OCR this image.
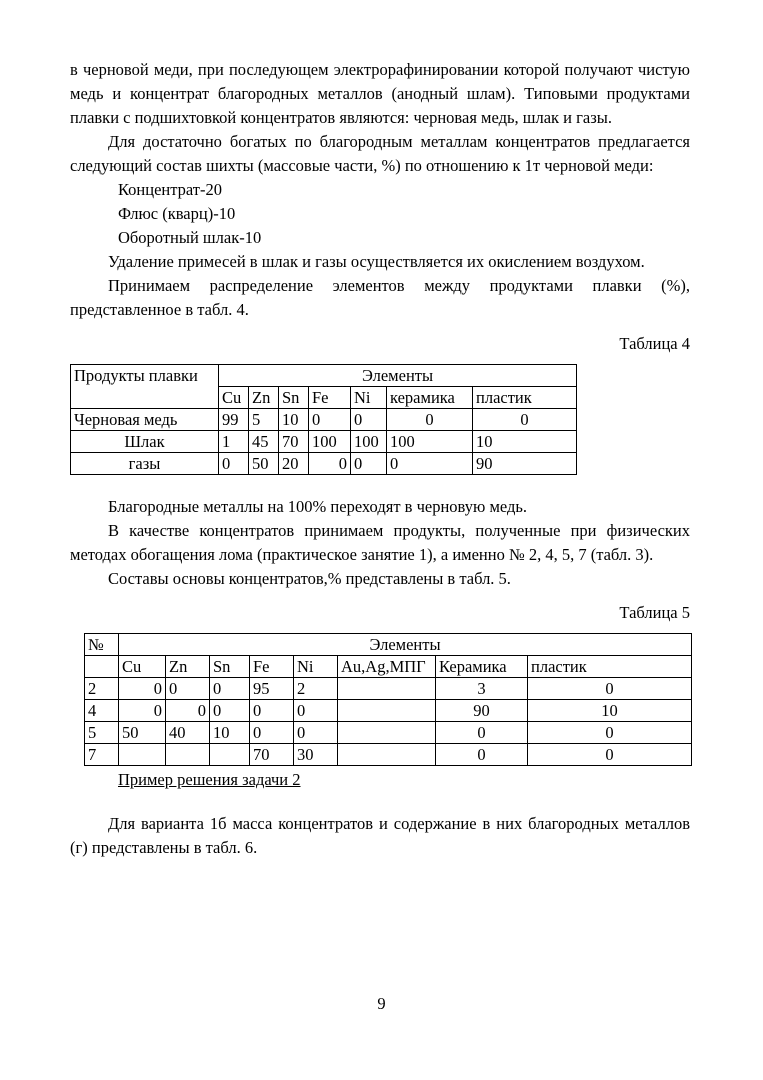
в черновой меди, при последующем электрорафинировании которой получают чистую медь и концентрат благородных металлов (анодный шлам). Типовыми продуктами плавки с подшихтовкой концентратов являются: черновая медь, шлак и газы.

Для достаточно богатых по благородным металлам концентратов предлагается следующий состав шихты (массовые части, %) по отношению к 1т черновой меди:

Концентрат-20
Флюс (кварц)-10
Оборотный шлак-10

Удаление примесей в шлак и газы осуществляется их окислением воздухом.

Принимаем распределение элементов между продуктами плавки (%), представленное в табл. 4.

Таблица 4
Продукты плавки	Элементы						
	Cu	Zn	Sn	Fe	Ni	керамика	пластик
Черновая медь	99	5	10	0	0	0	0
Шлак	1	45	70	100	100	100	10
газы	0	50	20	0	0	0	90

Благородные металлы на 100% переходят в черновую медь.

В качестве концентратов принимаем продукты, полученные при физических методах обогащения лома (практическое занятие 1), а именно № 2, 4, 5, 7 (табл. 3).

Составы основы концентратов,% представлены в табл. 5.

Таблица 5
№	Элементы							
	Cu	Zn	Sn	Fe	Ni	Au,Ag,МПГ	Керамика	пластик
2	0	0	0	95	2		3	0
4	0	0	0	0	0		90	10
5	50	40	10	0	0		0	0
7				70	30		0	0
Пример решения задачи 2

Для варианта 1б масса концентратов и содержание в них благородных металлов (г) представлены в табл. 6.

9
